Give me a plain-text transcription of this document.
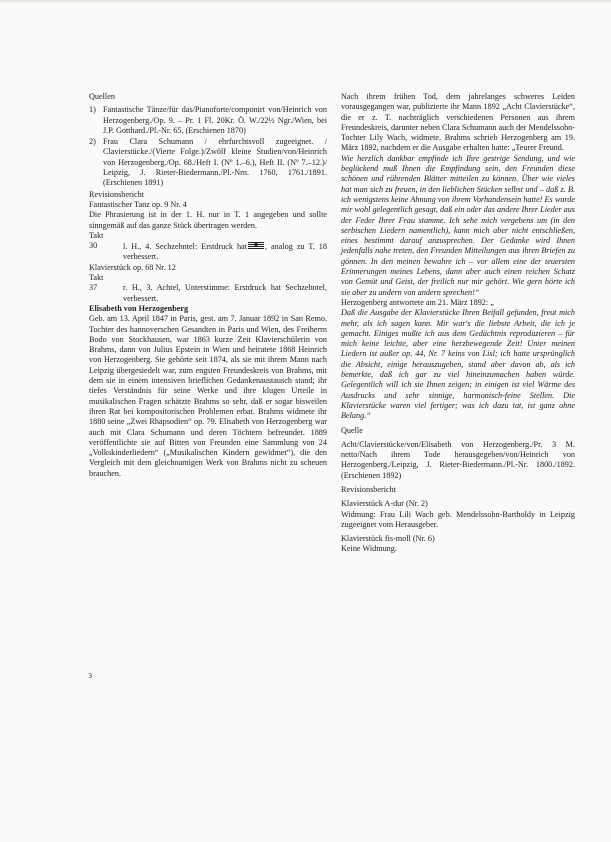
Quellen

1) Fantastische Tänze/für das/Pianoforte/componirt von/Heinrich von Herzogenberg./Op. 9. – Pr. 1 Fl. 20Kr. Ö. W./22½ Ngr./Wien, bei J.P. Gotthard./Pl.-Nr. 65. (Erschienen 1870)
2) Frau Clara Schumann / ehrfurchtsvoll zugeeignet. / Clavierstücke./(Vierte Folge.)/Zwölf kleine Studien/von/Heinrich von Herzogenberg./Op. 68./Heft I. (Nº 1.–6.), Heft II. (Nº 7.–12.)/ Leipzig, J. Rieter-Biedermann./Pl.-Nrn. 1760, 1761./1891. (Erschienen 1891)

Revisionsbericht

Fantastischer Tanz op. 9 Nr. 4

Die Phrasierung ist in der 1. H. nur in T. 1 angegeben und sollte sinngemäß auf das ganze Stück übertragen werden.

Takt

30	l. H., 4. Sechzehntel: Erstdruck hat , analog zu T. 18 verbessert.

Klavierstück op. 68 Nr. 12

Takt

37	r. H., 3. Achtel, Unterstimme: Erstdruck hat Sechzehntel, verbessert.

Elisabeth von Herzogenberg

Geb. am 13. April 1847 in Paris, gest. am 7. Januar 1892 in San Remo. Tochter des hannoverschen Gesandten in Paris und Wien, des Freiherrn Bodo von Stockhausen, war 1863 kurze Zeit Klavierschülerin von Brahms, dann von Julius Epstein in Wien und heiratete 1868 Heinrich von Herzogenberg. Sie gehörte seit 1874, als sie mit ihrem Mann nach Leipzig übergesiedelt war, zum engsten Freundeskreis von Brahms, mit dem sie in einem intensiven brieflichen Gedankenaustausch stand; ihr tiefes Verständnis für seine Werke und ihre klugen Urteile in musikalischen Fragen schätzte Brahms so sehr, daß er sogar bisweilen ihren Rat bei kompositorischen Problemen erbat. Brahms widmete ihr 1880 seine „Zwei Rhapsodien“ op. 79. Elisabeth von Herzogenberg war auch mit Clara Schumann und deren Töchtern befreundet. 1889 veröffentlichte sie auf Bitten von Freunden eine Sammlung von 24 „Volkskinderliedern“ („Musikalischen Kindern gewidmet“), die den Vergleich mit dem gleichnamigen Werk von Brahms nicht zu scheuen brauchen.

Nach ihrem frühen Tod, dem jahrelanges schweres Leiden vorausgegangen war, publizierte ihr Mann 1892 „Acht Clavierstücke“, die er z. T. nachträglich verschiedenen Personen aus ihrem Freundeskreis, darunter neben Clara Schumann auch der Mendelssohn-Tochter Lily Wach, widmete. Brahms schrieb Herzogenberg am 19. März 1892, nachdem er die Ausgabe erhalten hatte: „Teurer Freund.

Wie herzlich dankbar empfinde ich Ihre gestrige Sendung, und wie beglückend muß Ihnen die Empfindung sein, den Freunden diese schönen und rührenden Blätter mitteilen zu können. Über wie vieles hat man sich zu freuen, in den lieblichen Stücken selbst und – daß z. B. ich wenigstens keine Ahnung von ihrem Vorhandensein hatte! Es wurde mir wohl gelegentlich gesagt, daß ein oder das andere Ihrer Lieder aus der Feder Ihrer Frau stamme. Ich sehe mich vergebens um (in den serbischen Liedern namentlich), kann mich aber nicht entschließen, eines bestimmt darauf anzusprechen. Der Gedanke wird Ihnen jedenfalls nahe treten, den Freunden Mitteilungen aus ihren Briefen zu gönnen. In den meinen bewahre ich – vor allem eine der teuersten Erinnerungen meines Lebens, dann aber auch einen reichen Schatz von Gemüt und Geist, der freilich nur mir gehört. Wie gern hörte ich sie aber zu andern von andern sprechen!“

Herzogenberg antwortete am 21. März 1892: „

Daß die Ausgabe der Klavierstücke Ihren Beifall gefunden, freut mich mehr, als ich sagen kann. Mir war's die liebste Arbeit, die ich je gemacht. Einiges mußte ich aus dem Gedächtnis reproduzieren – für mich keine leichte, aber eine herzbewegende Zeit! Unter meinen Liedern ist außer op. 44, Nr. 7 keins von Lisl; ich hatte ursprünglich die Absicht, einige herauszugeben, stand aber davon ab, als ich bemerkte, daß ich gar zu viel hineinzumachen haben würde. Gelegentlich will ich sie Ihnen zeigen; in einigen ist viel Wärme des Ausdrucks und sehr sinnige, harmonisch-feine Stellen. Die Klavierstücke waren viel fertiger; was ich dazu tat, ist ganz ohne Belang.“

Quelle

Acht/Clavierstücke/von/Elisabeth von Herzogenberg./Pr. 3 M. netto/Nach ihrem Tode herausgegeben/von/Heinrich von Herzogenberg./Leipzig, J. Rieter-Biedermann./Pl.-Nr. 1800./1892. (Erschienen 1892)

Revisionsbericht

Klavierstück A-dur (Nr. 2)

Widmung: Frau Lili Wach geb. Mendelssohn-Bartholdy in Leipzig zugeeignet vom Herausgeber.

Klavierstück fis-moll (Nr. 6)

Keine Widmung.

ɜ
